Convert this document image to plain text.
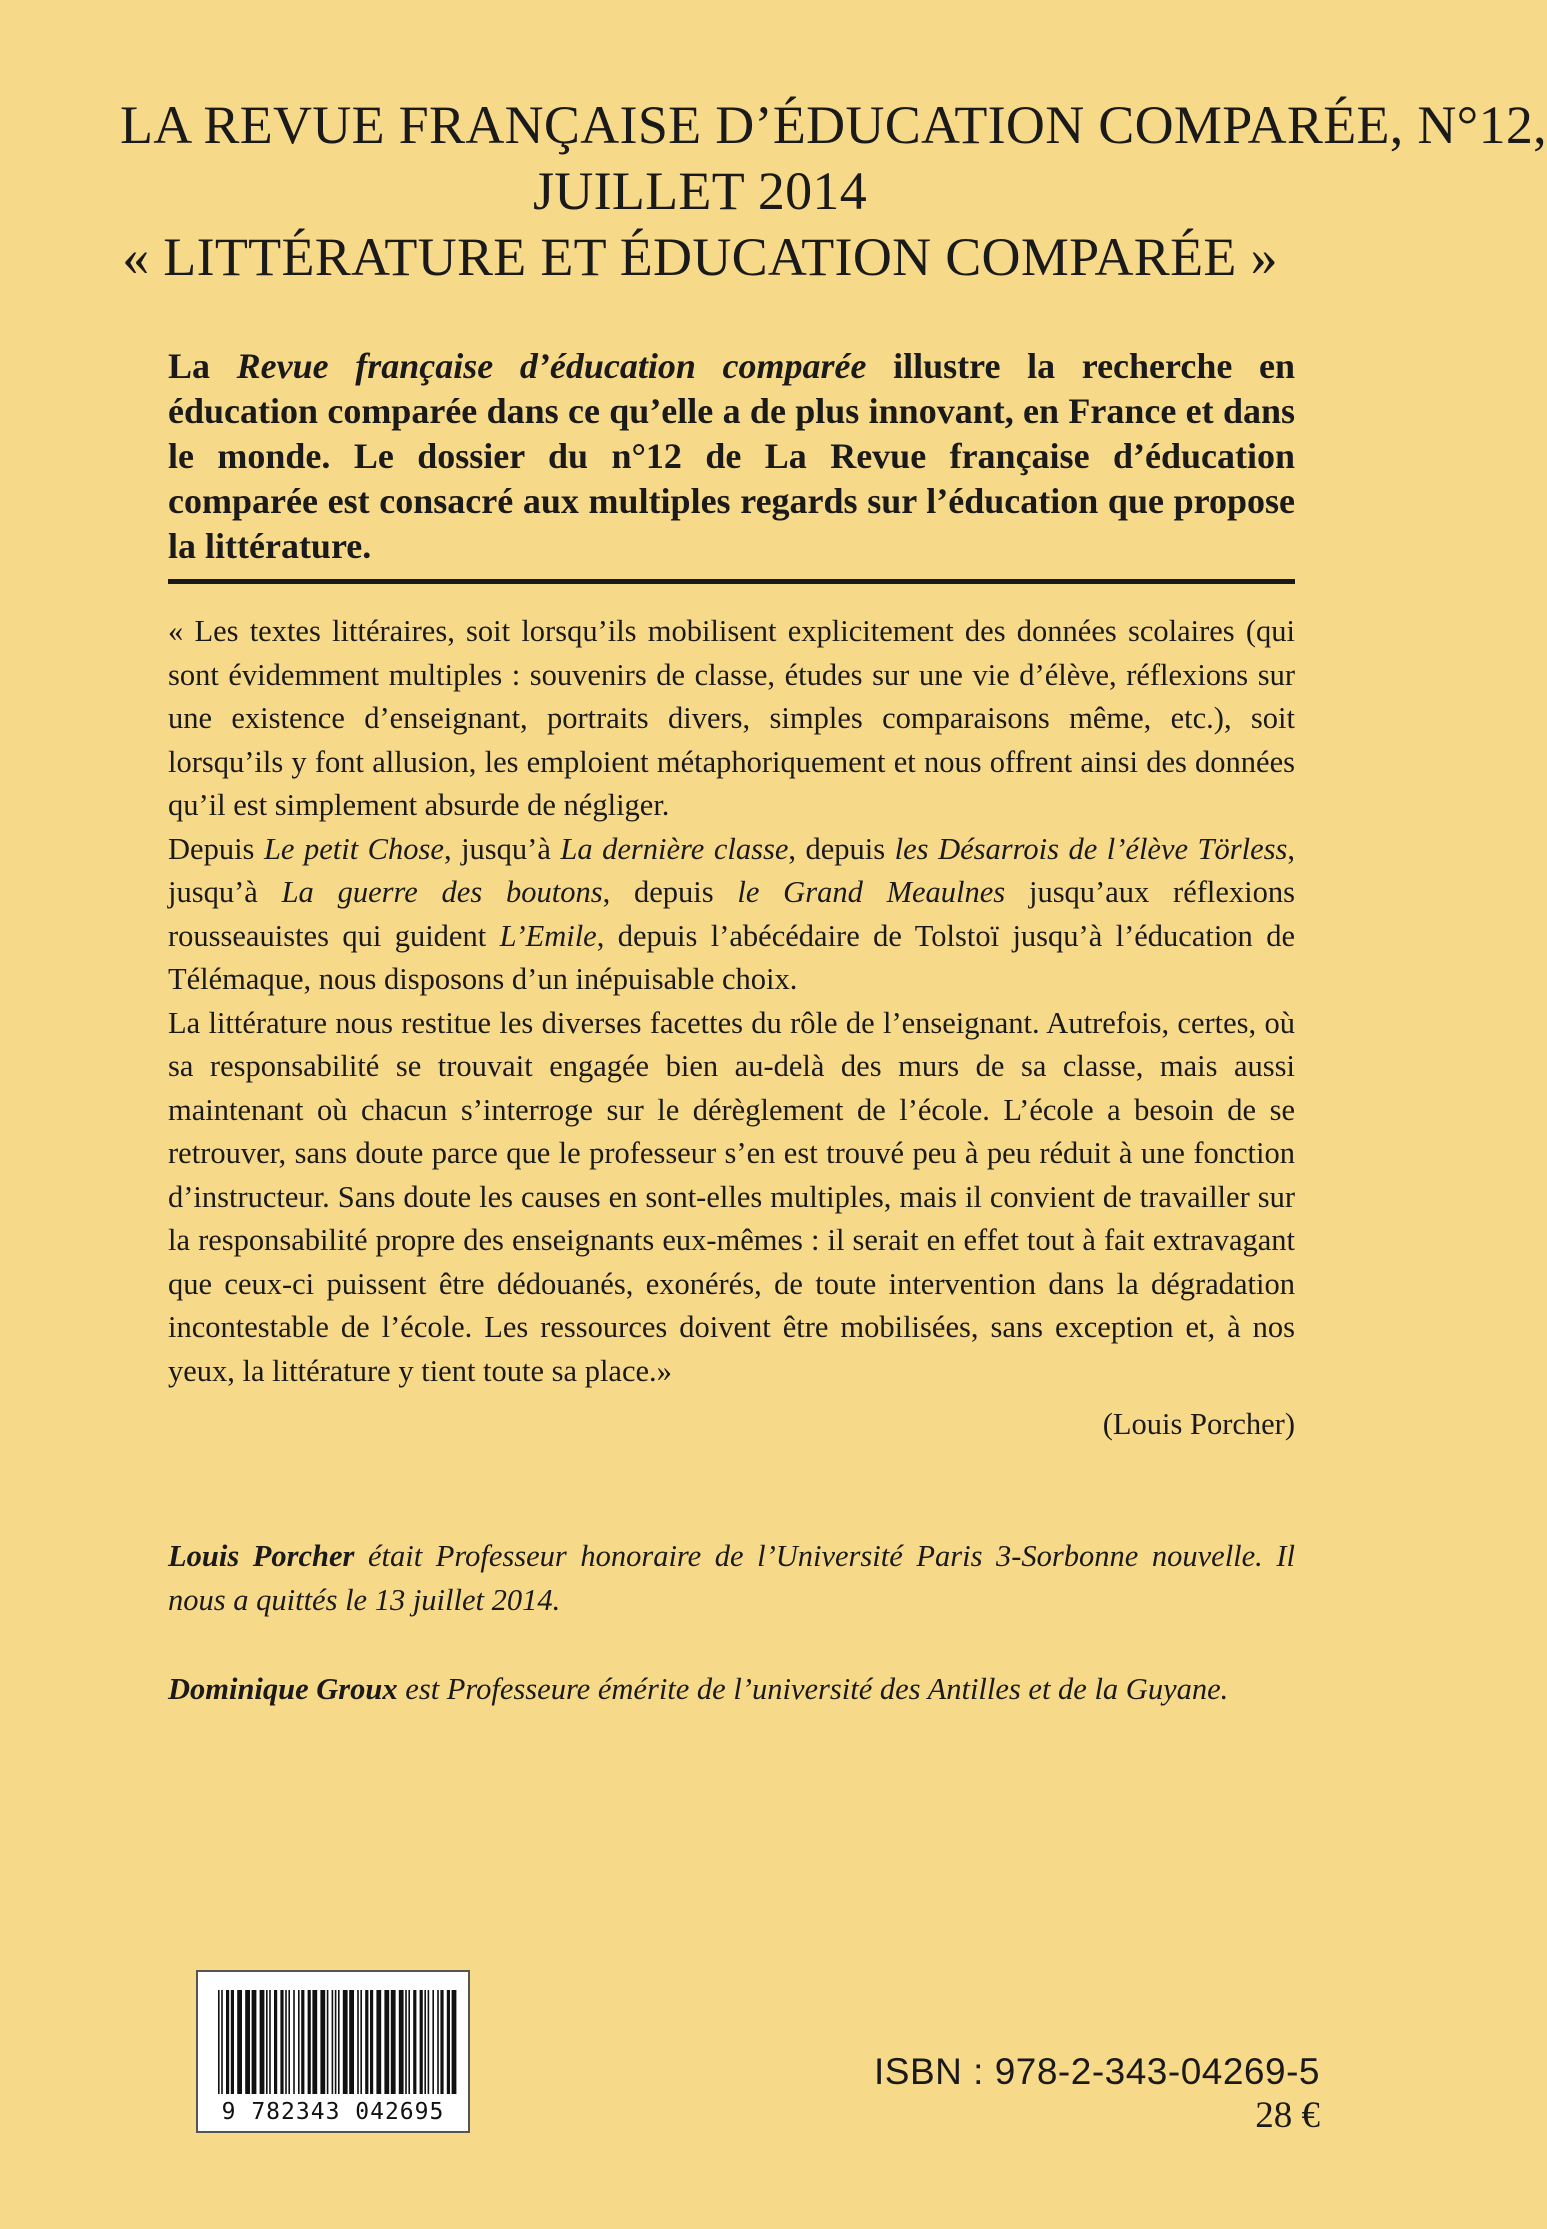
LA REVUE FRANÇAISE D’ÉDUCATION COMPARÉE, N°12,
JUILLET 2014
« LITTÉRATURE ET ÉDUCATION COMPARÉE »
La Revue française d’éducation comparée illustre la recherche en éducation comparée dans ce qu’elle a de plus innovant, en France et dans le monde. Le dossier du n°12 de La Revue française d’éducation comparée est consacré aux multiples regards sur l’éducation que propose la littérature.

« Les textes littéraires, soit lorsqu’ils mobilisent explicitement des données scolaires (qui sont évidemment multiples : souvenirs de classe, études sur une vie d’élève, réflexions sur une existence d’enseignant, portraits divers, simples comparaisons même, etc.), soit lorsqu’ils y font allusion, les emploient métaphoriquement et nous offrent ainsi des données qu’il est simplement absurde de négliger.

Depuis Le petit Chose, jusqu’à La dernière classe, depuis les Désarrois de l’élève Törless, jusqu’à La guerre des boutons, depuis le Grand Meaulnes jusqu’aux réflexions rousseauistes qui guident L’Emile, depuis l’abécédaire de Tolstoï jusqu’à l’éducation de Télémaque, nous disposons d’un inépuisable choix.

La littérature nous restitue les diverses facettes du rôle de l’enseignant. Autrefois, certes, où sa responsabilité se trouvait engagée bien au-delà des murs de sa classe, mais aussi maintenant où chacun s’interroge sur le dérèglement de l’école. L’école a besoin de se retrouver, sans doute parce que le professeur s’en est trouvé peu à peu réduit à une fonction d’instructeur. Sans doute les causes en sont-elles multiples, mais il convient de travailler sur la responsabilité propre des enseignants eux-mêmes : il serait en effet tout à fait extravagant que ceux-ci puissent être dédouanés, exonérés, de toute intervention dans la dégradation incontestable de l’école. Les ressources doivent être mobilisées, sans exception et, à nos yeux, la littérature y tient toute sa place.»

(Louis Porcher)
Louis Porcher était Professeur honoraire de l’Université Paris 3-Sorbonne nouvelle. Il nous a quittés le 13 juillet 2014.
Dominique Groux est Professeure émérite de l’université des Antilles et de la Guyane.
9 782343 042695
ISBN : 978-2-343-04269-5
28 €
